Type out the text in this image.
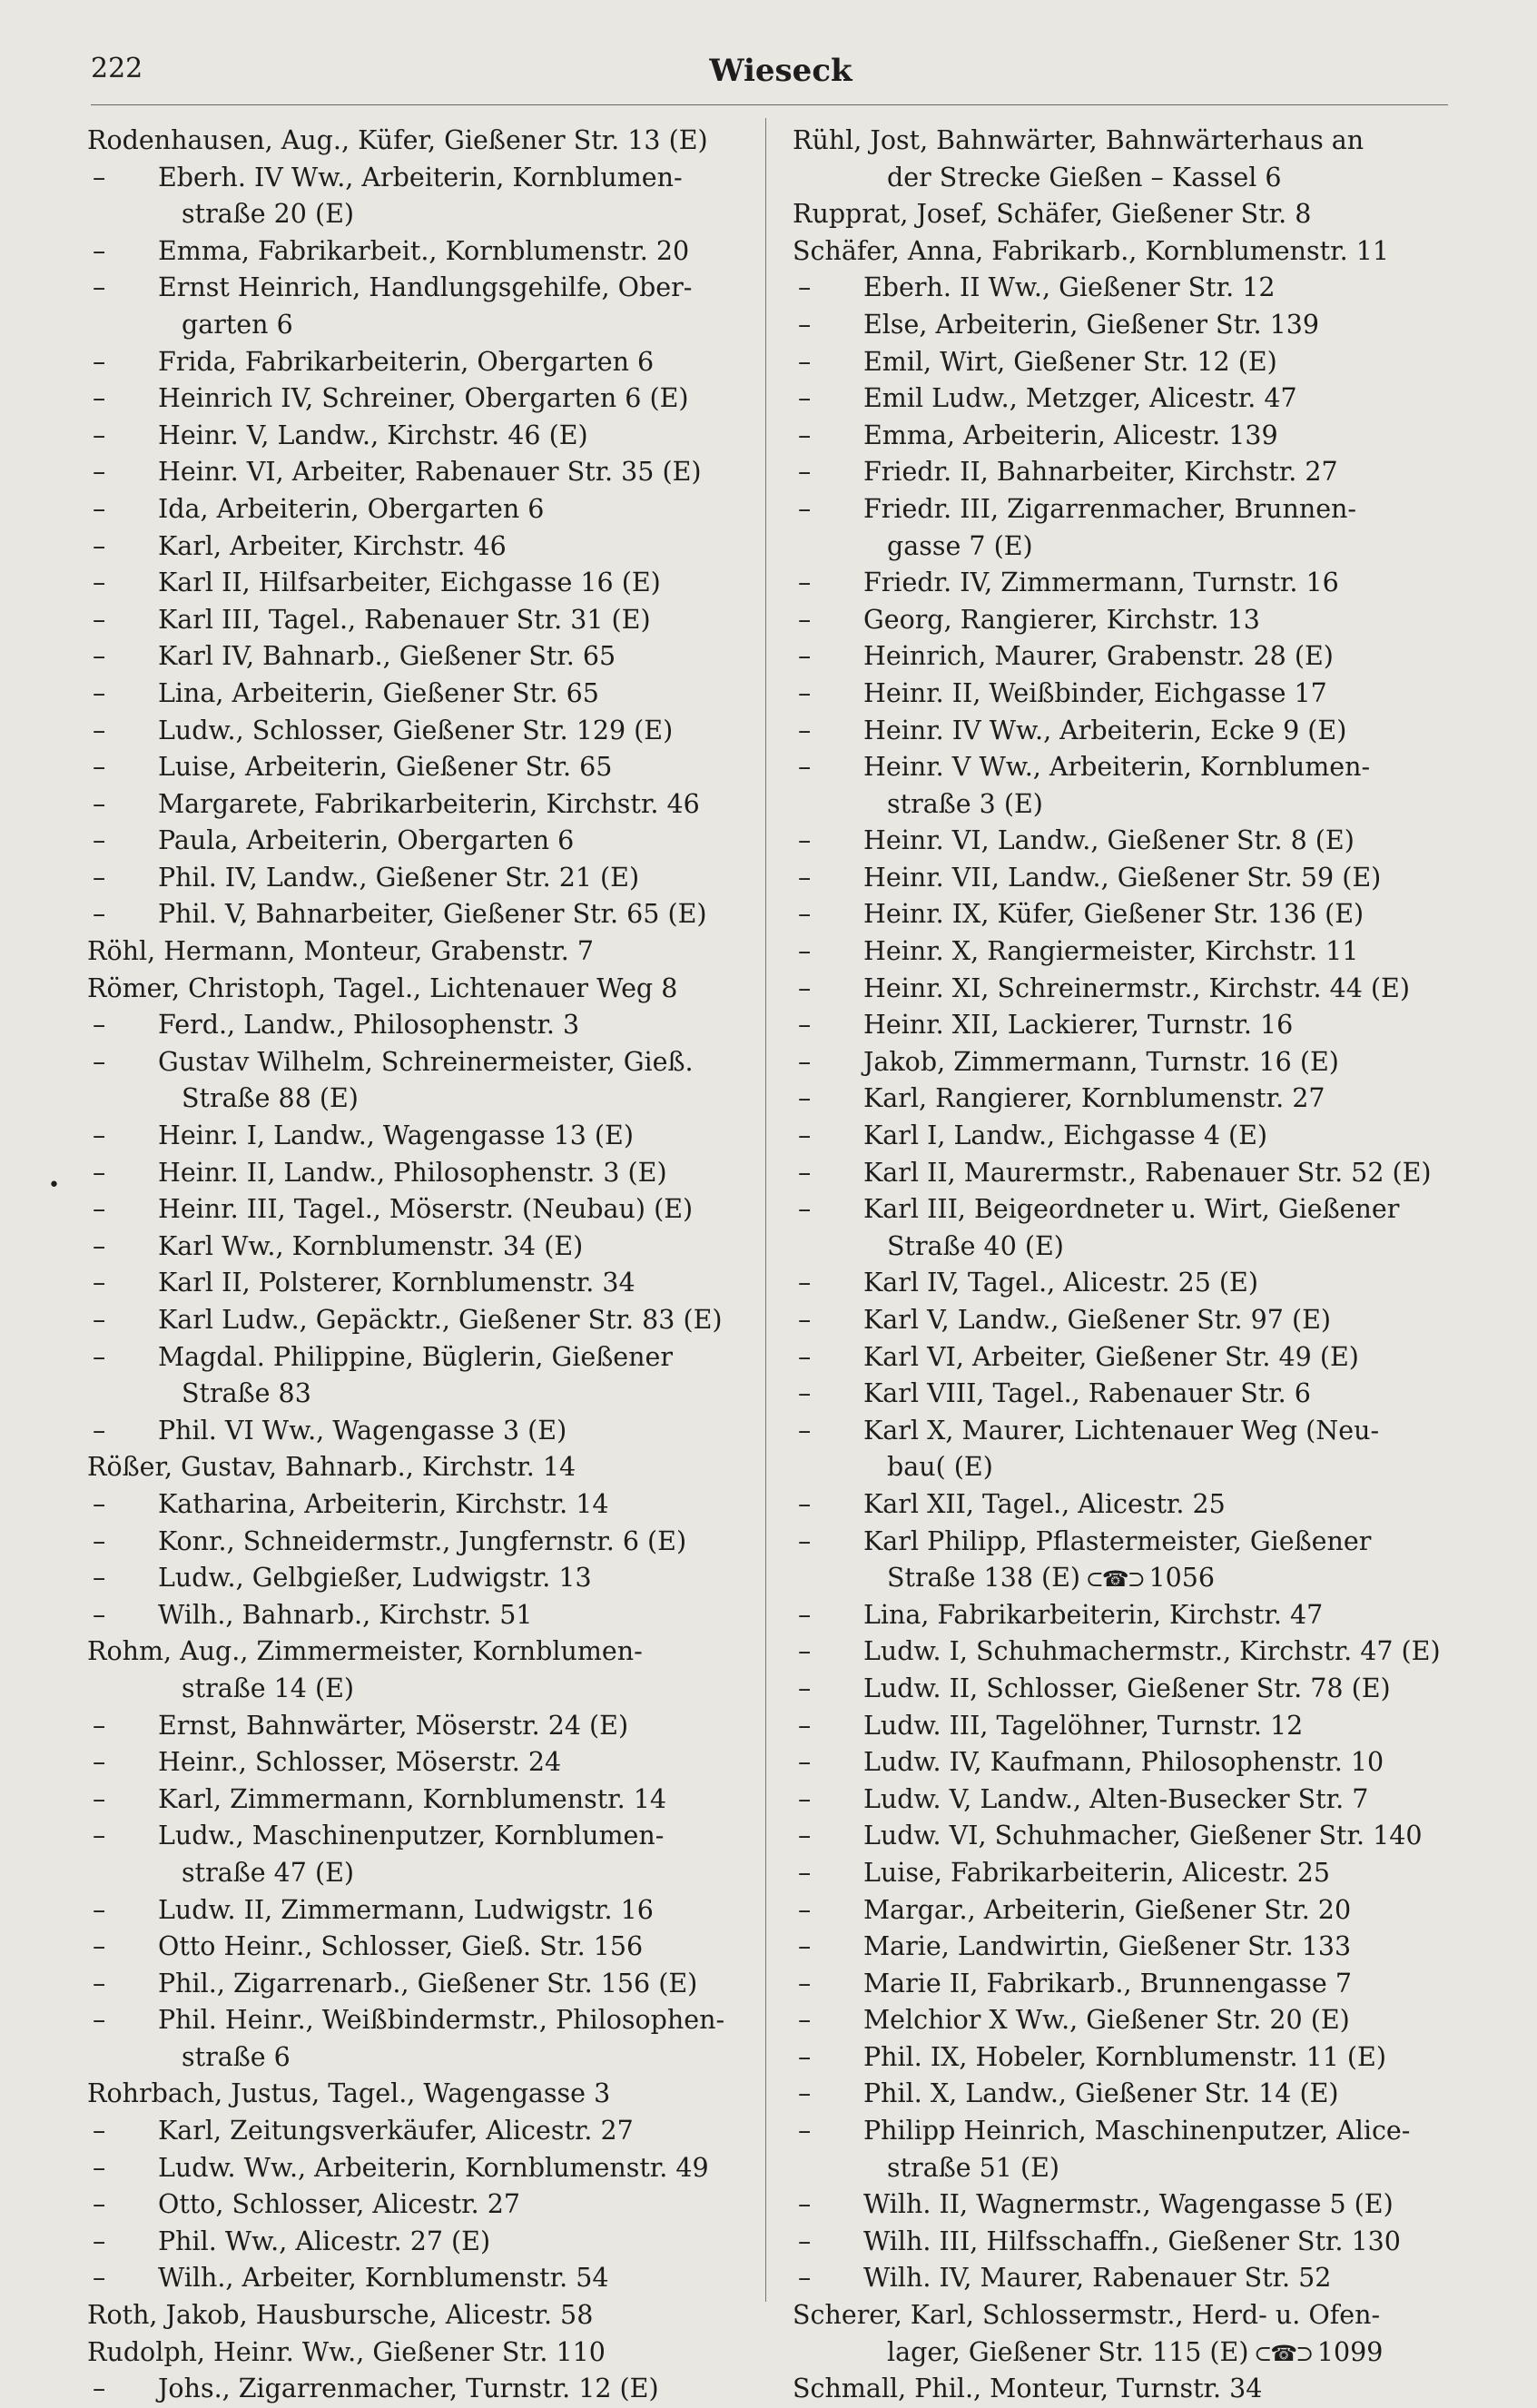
222	Wieseck
•
Rodenhausen, Aug., Küfer, Gießener Str. 13 (E)
– Eberh. IV Ww., Arbeiterin, Kornblumen-
straße 20 (E)
– Emma, Fabrikarbeit., Kornblumenstr. 20
– Ernst Heinrich, Handlungsgehilfe, Ober-
garten 6
– Frida, Fabrikarbeiterin, Obergarten 6
– Heinrich IV, Schreiner, Obergarten 6 (E)
– Heinr. V, Landw., Kirchstr. 46 (E)
– Heinr. VI, Arbeiter, Rabenauer Str. 35 (E)
– Ida, Arbeiterin, Obergarten 6
– Karl, Arbeiter, Kirchstr. 46
– Karl II, Hilfsarbeiter, Eichgasse 16 (E)
– Karl III, Tagel., Rabenauer Str. 31 (E)
– Karl IV, Bahnarb., Gießener Str. 65
– Lina, Arbeiterin, Gießener Str. 65
– Ludw., Schlosser, Gießener Str. 129 (E)
– Luise, Arbeiterin, Gießener Str. 65
– Margarete, Fabrikarbeiterin, Kirchstr. 46
– Paula, Arbeiterin, Obergarten 6
– Phil. IV, Landw., Gießener Str. 21 (E)
– Phil. V, Bahnarbeiter, Gießener Str. 65 (E)
Röhl, Hermann, Monteur, Grabenstr. 7
Römer, Christoph, Tagel., Lichtenauer Weg 8
– Ferd., Landw., Philosophenstr. 3
– Gustav Wilhelm, Schreinermeister, Gieß.
Straße 88 (E)
– Heinr. I, Landw., Wagengasse 13 (E)
– Heinr. II, Landw., Philosophenstr. 3 (E)
– Heinr. III, Tagel., Möserstr. (Neubau) (E)
– Karl Ww., Kornblumenstr. 34 (E)
– Karl II, Polsterer, Kornblumenstr. 34
– Karl Ludw., Gepäcktr., Gießener Str. 83 (E)
– Magdal. Philippine, Büglerin, Gießener
Straße 83
– Phil. VI Ww., Wagengasse 3 (E)
Rößer, Gustav, Bahnarb., Kirchstr. 14
– Katharina, Arbeiterin, Kirchstr. 14
– Konr., Schneidermstr., Jungfernstr. 6 (E)
– Ludw., Gelbgießer, Ludwigstr. 13
– Wilh., Bahnarb., Kirchstr. 51
Rohm, Aug., Zimmermeister, Kornblumen-
straße 14 (E)
– Ernst, Bahnwärter, Möserstr. 24 (E)
– Heinr., Schlosser, Möserstr. 24
– Karl, Zimmermann, Kornblumenstr. 14
– Ludw., Maschinenputzer, Kornblumen-
straße 47 (E)
– Ludw. II, Zimmermann, Ludwigstr. 16
– Otto Heinr., Schlosser, Gieß. Str. 156
– Phil., Zigarrenarb., Gießener Str. 156 (E)
– Phil. Heinr., Weißbindermstr., Philosophen-
straße 6
Rohrbach, Justus, Tagel., Wagengasse 3
– Karl, Zeitungsverkäufer, Alicestr. 27
– Ludw. Ww., Arbeiterin, Kornblumenstr. 49
– Otto, Schlosser, Alicestr. 27
– Phil. Ww., Alicestr. 27 (E)
– Wilh., Arbeiter, Kornblumenstr. 54
Roth, Jakob, Hausbursche, Alicestr. 58
Rudolph, Heinr. Ww., Gießener Str. 110
– Johs., Zigarrenmacher, Turnstr. 12 (E)
Rühl, Jost, Bahnwärter, Bahnwärterhaus an
der Strecke Gießen – Kassel 6
Rupprat, Josef, Schäfer, Gießener Str. 8
Schäfer, Anna, Fabrikarb., Kornblumenstr. 11
– Eberh. II Ww., Gießener Str. 12
– Else, Arbeiterin, Gießener Str. 139
– Emil, Wirt, Gießener Str. 12 (E)
– Emil Ludw., Metzger, Alicestr. 47
– Emma, Arbeiterin, Alicestr. 139
– Friedr. II, Bahnarbeiter, Kirchstr. 27
– Friedr. III, Zigarrenmacher, Brunnen-
gasse 7 (E)
– Friedr. IV, Zimmermann, Turnstr. 16
– Georg, Rangierer, Kirchstr. 13
– Heinrich, Maurer, Grabenstr. 28 (E)
– Heinr. II, Weißbinder, Eichgasse 17
– Heinr. IV Ww., Arbeiterin, Ecke 9 (E)
– Heinr. V Ww., Arbeiterin, Kornblumen-
straße 3 (E)
– Heinr. VI, Landw., Gießener Str. 8 (E)
– Heinr. VII, Landw., Gießener Str. 59 (E)
– Heinr. IX, Küfer, Gießener Str. 136 (E)
– Heinr. X, Rangiermeister, Kirchstr. 11
– Heinr. XI, Schreinermstr., Kirchstr. 44 (E)
– Heinr. XII, Lackierer, Turnstr. 16
– Jakob, Zimmermann, Turnstr. 16 (E)
– Karl, Rangierer, Kornblumenstr. 27
– Karl I, Landw., Eichgasse 4 (E)
– Karl II, Maurermstr., Rabenauer Str. 52 (E)
– Karl III, Beigeordneter u. Wirt, Gießener
Straße 40 (E)
– Karl IV, Tagel., Alicestr. 25 (E)
– Karl V, Landw., Gießener Str. 97 (E)
– Karl VI, Arbeiter, Gießener Str. 49 (E)
– Karl VIII, Tagel., Rabenauer Str. 6
– Karl X, Maurer, Lichtenauer Weg (Neu-
bau( (E)
– Karl XII, Tagel., Alicestr. 25
– Karl Philipp, Pflastermeister, Gießener
Straße 138 (E) ⊂☎⊃ 1056
– Lina, Fabrikarbeiterin, Kirchstr. 47
– Ludw. I, Schuhmachermstr., Kirchstr. 47 (E)
– Ludw. II, Schlosser, Gießener Str. 78 (E)
– Ludw. III, Tagelöhner, Turnstr. 12
– Ludw. IV, Kaufmann, Philosophenstr. 10
– Ludw. V, Landw., Alten-Busecker Str. 7
– Ludw. VI, Schuhmacher, Gießener Str. 140
– Luise, Fabrikarbeiterin, Alicestr. 25
– Margar., Arbeiterin, Gießener Str. 20
– Marie, Landwirtin, Gießener Str. 133
– Marie II, Fabrikarb., Brunnengasse 7
– Melchior X Ww., Gießener Str. 20 (E)
– Phil. IX, Hobeler, Kornblumenstr. 11 (E)
– Phil. X, Landw., Gießener Str. 14 (E)
– Philipp Heinrich, Maschinenputzer, Alice-
straße 51 (E)
– Wilh. II, Wagnermstr., Wagengasse 5 (E)
– Wilh. III, Hilfsschaffn., Gießener Str. 130
– Wilh. IV, Maurer, Rabenauer Str. 52
Scherer, Karl, Schlossermstr., Herd- u. Ofen-
lager, Gießener Str. 115 (E) ⊂☎⊃ 1099
Schmall, Phil., Monteur, Turnstr. 34
